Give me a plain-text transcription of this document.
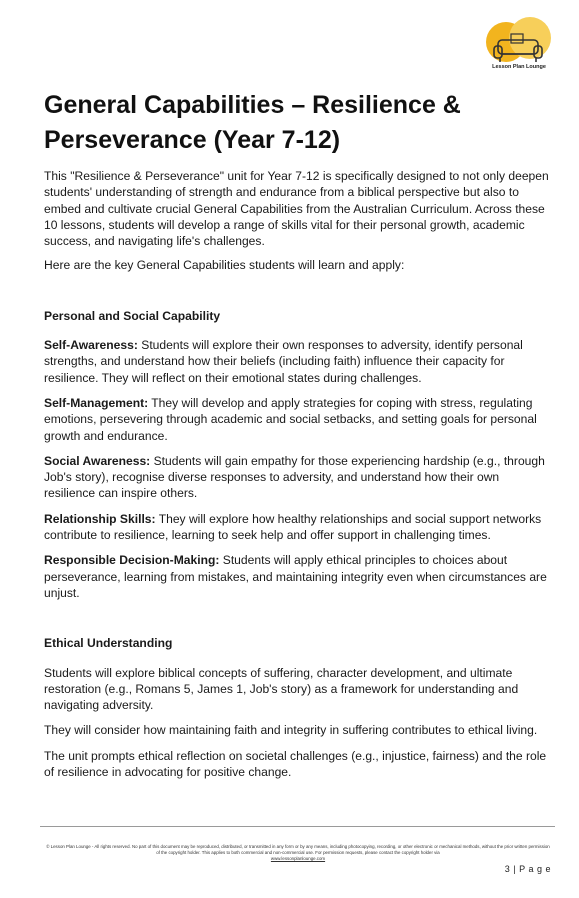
Lesson Plan Lounge
General Capabilities – Resilience & Perseverance (Year 7-12)

This "Resilience & Perseverance" unit for Year 7-12 is specifically designed to not only deepen students' understanding of strength and endurance from a biblical perspective but also to embed and cultivate crucial General Capabilities from the Australian Curriculum. Across these 10 lessons, students will develop a range of skills vital for their personal growth, academic success, and navigating life's challenges.

Here are the key General Capabilities students will learn and apply:

Personal and Social Capability

Self-Awareness: Students will explore their own responses to adversity, identify personal strengths, and understand how their beliefs (including faith) influence their capacity for resilience. They will reflect on their emotional states during challenges.

Self-Management: They will develop and apply strategies for coping with stress, regulating emotions, persevering through academic and social setbacks, and setting goals for personal growth and endurance.

Social Awareness: Students will gain empathy for those experiencing hardship (e.g., through Job's story), recognise diverse responses to adversity, and understand how their own resilience can inspire others.

Relationship Skills: They will explore how healthy relationships and social support networks contribute to resilience, learning to seek help and offer support in challenging times.

Responsible Decision-Making: Students will apply ethical principles to choices about perseverance, learning from mistakes, and maintaining integrity even when circumstances are unjust.

Ethical Understanding

Students will explore biblical concepts of suffering, character development, and ultimate restoration (e.g., Romans 5, James 1, Job's story) as a framework for understanding and navigating adversity.

They will consider how maintaining faith and integrity in suffering contributes to ethical living.

The unit prompts ethical reflection on societal challenges (e.g., injustice, fairness) and the role of resilience in advocating for positive change.

© Lesson Plan Lounge - All rights reserved. No part of this document may be reproduced, distributed, or transmitted in any form or by any means, including photocopying, recording, or other electronic or mechanical methods, without the prior written permission of the copyright holder. This applies to both commercial and non-commercial use. For permission requests, please contact the copyright holder via
www.lessonplanlounge.com
3 | P a g e
